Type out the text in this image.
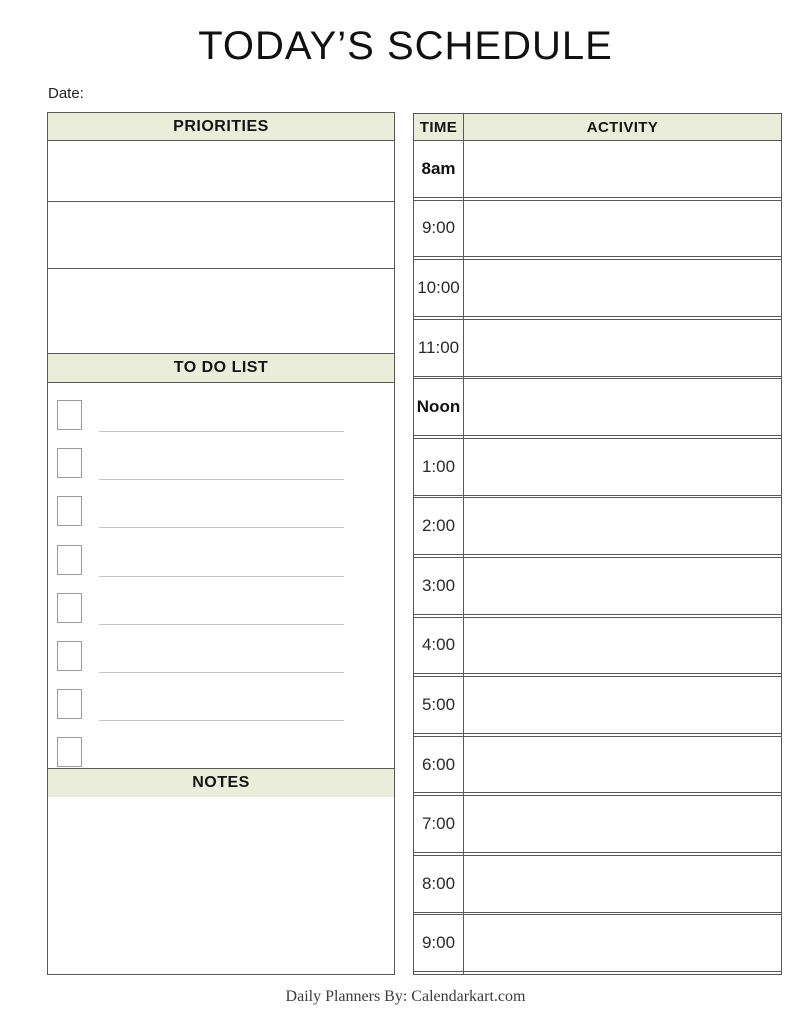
TODAY’S SCHEDULE
Date:
PRIORITIES
TO DO LIST
NOTES
TIME	ACTIVITY
8am	

9:00	

10:00	

11:00	

Noon	

1:00	

2:00	

3:00	

4:00	

5:00	

6:00	

7:00	

8:00	

9:00	

Daily Planners By: Calendarkart.com
